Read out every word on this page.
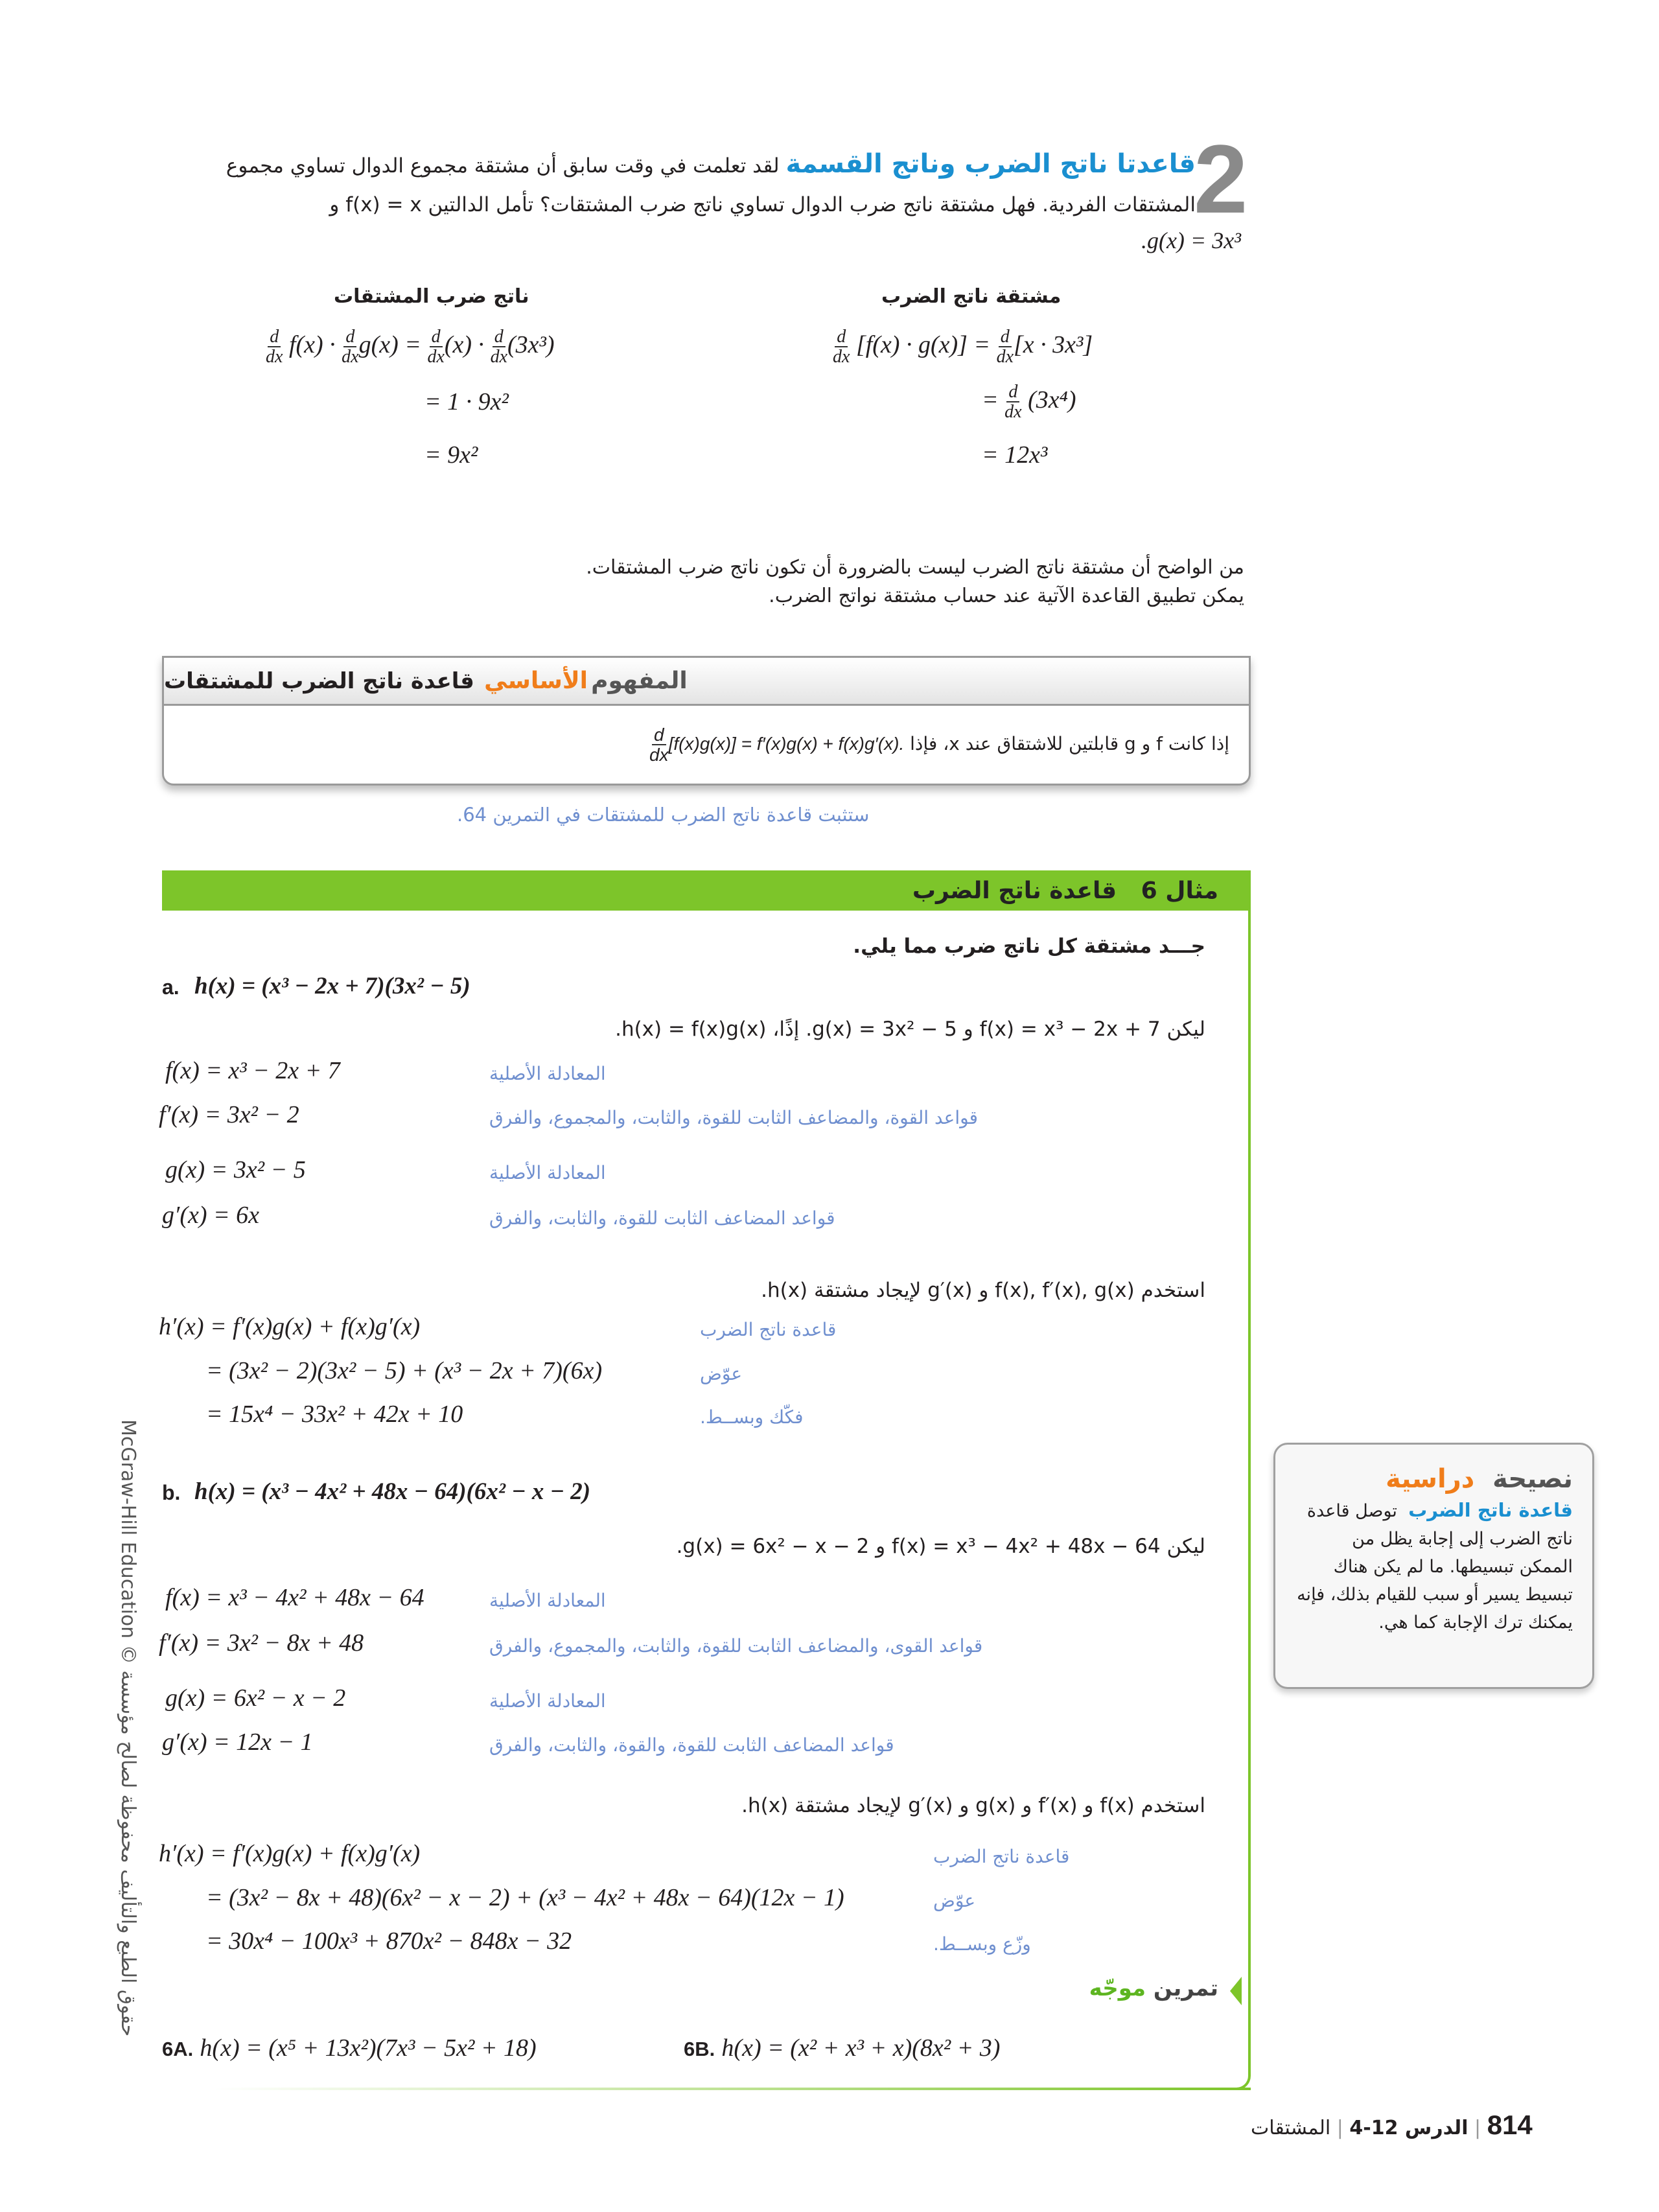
2
قاعدتا ناتج الضرب وناتج القسمة لقد تعلمت في وقت سابق أن مشتقة مجموع الدوال تساوي مجموع
المشتقات الفردية. فهل مشتقة ناتج ضرب الدوال تساوي ناتج ضرب المشتقات؟ تأمل الدالتين f(x) = x و
.g(x) = 3x³
مشتقة ناتج الضرب
$\frac{d}{dx} [f(x) \cdot g(x)] = \frac{d}{dx} [x \cdot 3x^3]$
= $\frac{d}{dx} (3x^4)$
= 12x³
ناتج ضرب المشتقات
$\frac{d}{dx} f(x) \cdot \frac{d}{dx} g(x) = \frac{d}{dx} (x) \cdot \frac{d}{dx} (3x^3)$
= 1 · 9x²
= 9x²
من الواضح أن مشتقة ناتج الضرب ليست بالضرورة أن تكون ناتج ضرب المشتقات.
يمكن تطبيق القاعدة الآتية عند حساب مشتقة نواتج الضرب.
المفهوم

الأساسي

قاعدة ناتج الضرب للمشتقات
إذا كانت f و g قابلتين للاشتقاق عند x، فإذا
$\frac{d}{dx} [f(x)g(x)] = f'(x)g(x) + f(x)g'(x)$.
ستثبت قاعدة ناتج الضرب للمشتقات في التمرين 64.
مثال 6

قاعدة ناتج الضرب
جـــد مشتقة كل ناتج ضرب مما يلي.
a. h(x) = (x³ − 2x + 7)(3x² − 5)
ليكن f(x) = x³ − 2x + 7 و g(x) = 3x² − 5. إذًا، h(x) = f(x)g(x).
f(x) = x³ − 2x + 7	المعادلة الأصلية
f′(x) = 3x² − 2	قواعد القوة، والمضاعف الثابت للقوة، والثابت، والمجموع، والفرق
g(x) = 3x² − 5	المعادلة الأصلية
g′(x) = 6x	قواعد المضاعف الثابت للقوة، والثابت، والفرق
استخدم f(x), f′(x), g(x) و g′(x) لإيجاد مشتقة h(x).
h′(x) = f′(x)g(x) + f(x)g′(x)	قاعدة ناتج الضرب
= (3x² − 2)(3x² − 5) + (x³ − 2x + 7)(6x)	عوّض
= 15x⁴ − 33x² + 42x + 10	فكّك وبســط.
b. h(x) = (x³ − 4x² + 48x − 64)(6x² − x − 2)
ليكن f(x) = x³ − 4x² + 48x − 64 و g(x) = 6x² − x − 2.
f(x) = x³ − 4x² + 48x − 64	المعادلة الأصلية
f′(x) = 3x² − 8x + 48	قواعد القوى، والمضاعف الثابت للقوة، والثابت، والمجموع، والفرق
g(x) = 6x² − x − 2	المعادلة الأصلية
g′(x) = 12x − 1	قواعد المضاعف الثابت للقوة، والقوة، والثابت، والفرق
استخدم f(x) و f′(x) و g(x) و g′(x) لإيجاد مشتقة h(x).
h′(x) = f′(x)g(x) + f(x)g′(x)	قاعدة ناتج الضرب
= (3x² − 8x + 48)(6x² − x − 2) + (x³ − 4x² + 48x − 64)(12x − 1)	عوّض
= 30x⁴ − 100x³ + 870x² − 848x − 32	وزّع وبســط.
تمرين موجّه
6A. h(x) = (x⁵ + 13x²)(7x³ − 5x² + 18)	6B. h(x) = (x² + x³ + x)(8x² + 3)
نصيحة  دراسية
قاعدة ناتج الضرب  توصل قاعدة ناتج الضرب إلى إجابة يظل من الممكن تبسيطها. ما لم يكن هناك تبسيط يسير أو سبب للقيام بذلك، فإنه يمكنك ترك الإجابة كما هي.
McGraw-Hill Education © حقوق الطبع والتأليف محفوظة لصالح مؤسسة
814 | الدرس 12-4 | المشتقات
